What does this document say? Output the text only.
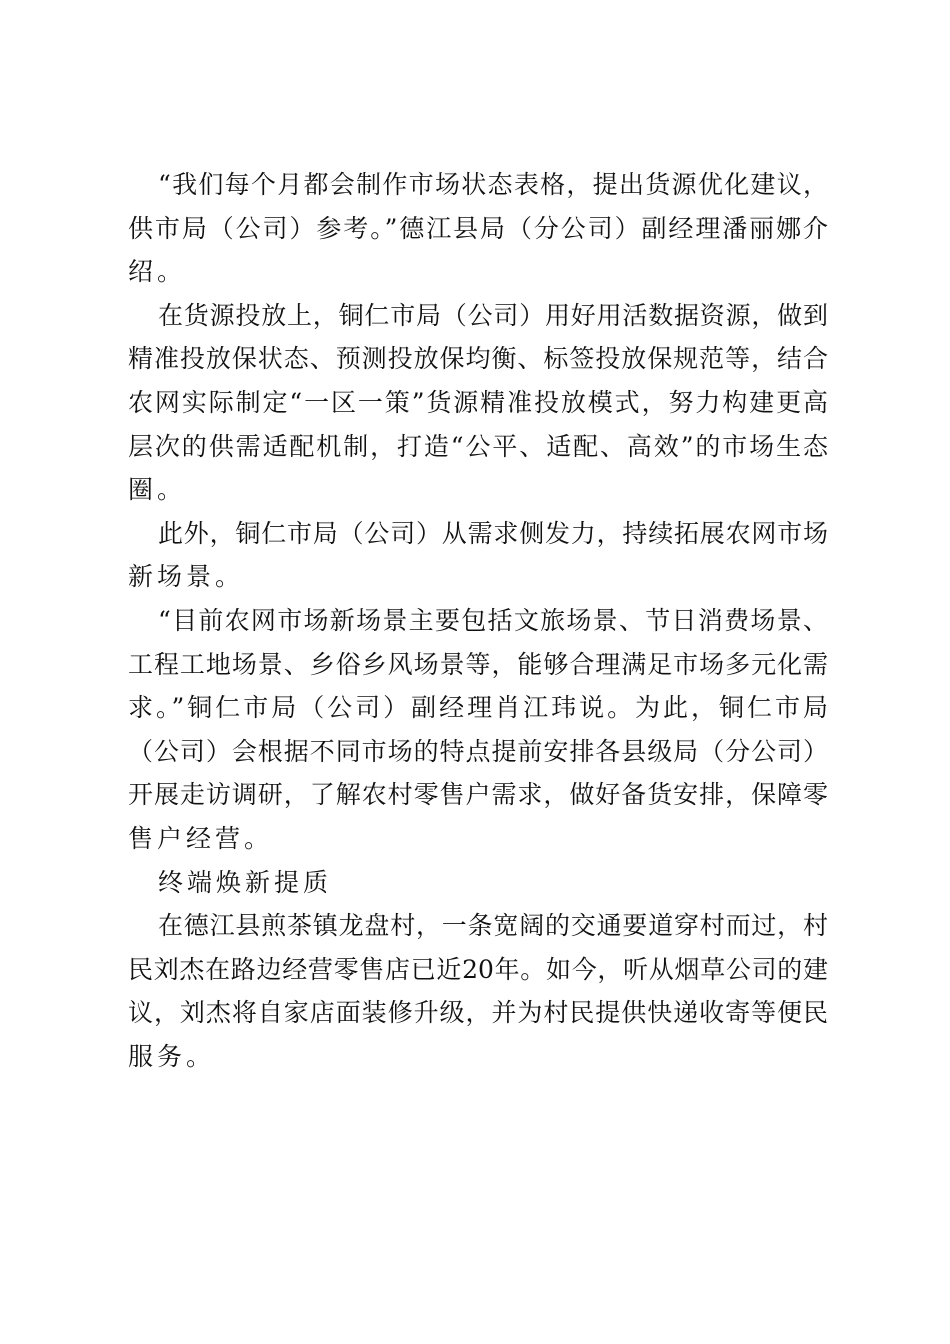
“我们每个月都会制作市场状态表格，提出货源优化建议，
供市局（公司）参考。”德江县局（分公司）副经理潘丽娜介
绍。
在货源投放上，铜仁市局（公司）用好用活数据资源，做到
精准投放保状态、预测投放保均衡、标签投放保规范等，结合
农网实际制定“一区一策”货源精准投放模式，努力构建更高
层次的供需适配机制，打造“公平、适配、高效”的市场生态
圈。
此外，铜仁市局（公司）从需求侧发力，持续拓展农网市场
新场景。
“目前农网市场新场景主要包括文旅场景、节日消费场景、
工程工地场景、乡俗乡风场景等，能够合理满足市场多元化需
求。”铜仁市局（公司）副经理肖江玮说。为此，铜仁市局
（公司）会根据不同市场的特点提前安排各县级局（分公司）
开展走访调研，了解农村零售户需求，做好备货安排，保障零
售户经营。
终端焕新提质
在德江县煎茶镇龙盘村，一条宽阔的交通要道穿村而过，村
民刘杰在路边经营零售店已近20年。如今，听从烟草公司的建
议，刘杰将自家店面装修升级，并为村民提供快递收寄等便民
服务。
